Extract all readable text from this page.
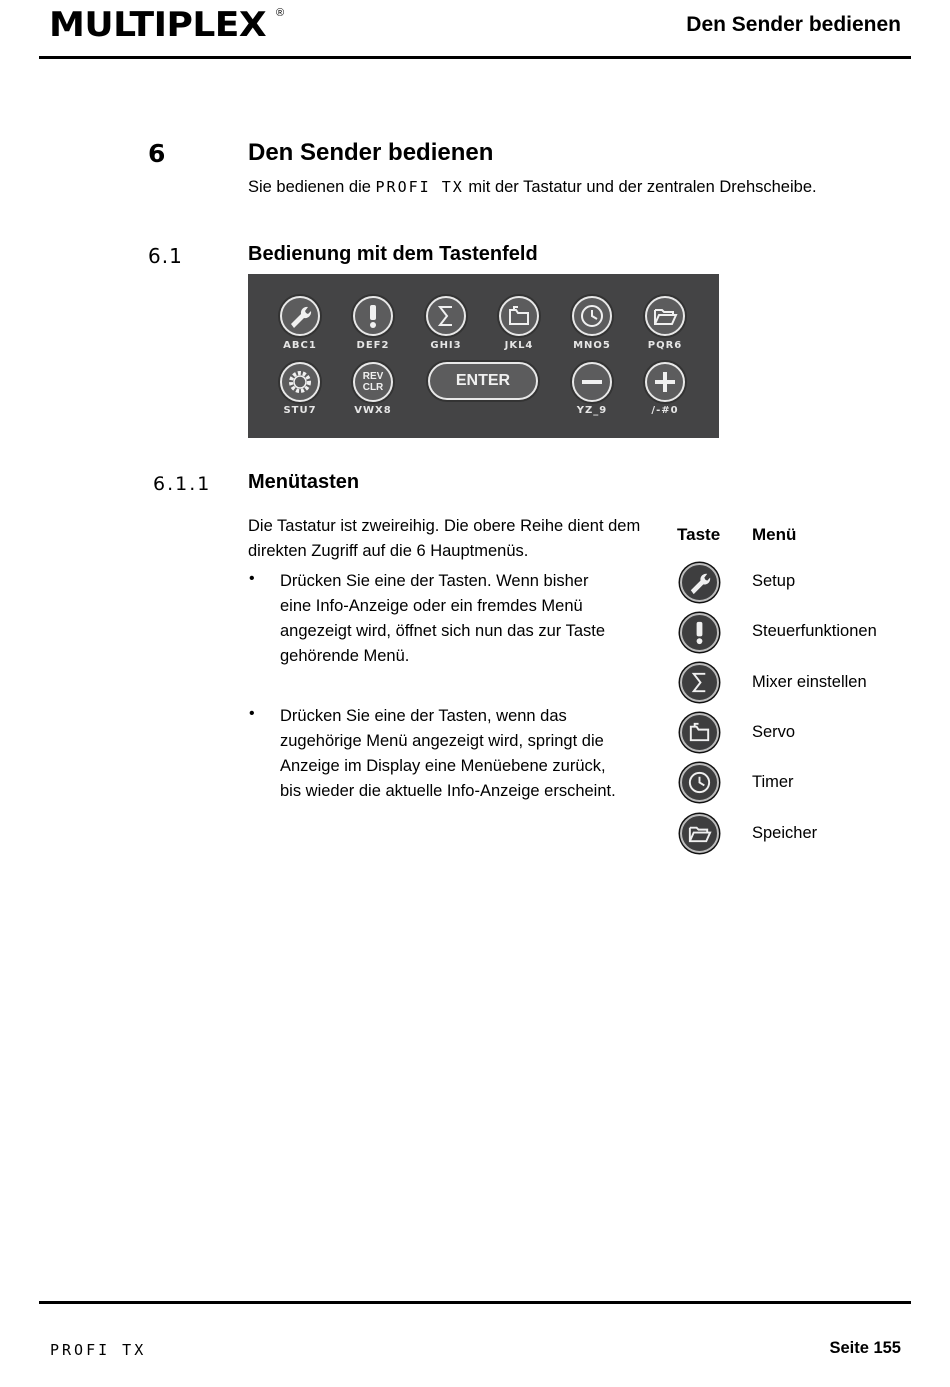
MULTIPLEX ®	Den Sender bedienen
6	Den Sender bedienen
Sie bedienen die PROFI TX mit der Tastatur und der zentralen Drehscheibe.
6.1	Bedienung mit dem Tastenfeld
ABC1	DEF2	GHI3	JKL4	MNO5	PQR6
REV
CLR	ENTER
STU7	VWX8	YZ_9	/-#0
6.1.1 Menütasten
Die Tastatur ist zweireihig. Die obere Reihe dient dem direkten Zugriff auf die 6 Hauptmenüs.
• Drücken Sie eine der Tasten. Wenn bisher
eine Info-Anzeige oder ein fremdes Menü
angezeigt wird, öffnet sich nun das zur Taste
gehörende Menü.
• Drücken Sie eine der Tasten, wenn das
zugehörige Menü angezeigt wird, springt die
Anzeige im Display eine Menüebene zurück,
bis wieder die aktuelle Info-Anzeige erscheint.
Taste Menü
Setup
Steuerfunktionen
Mixer einstellen
Servo
Timer
Speicher
PROFI TX	Seite 155
